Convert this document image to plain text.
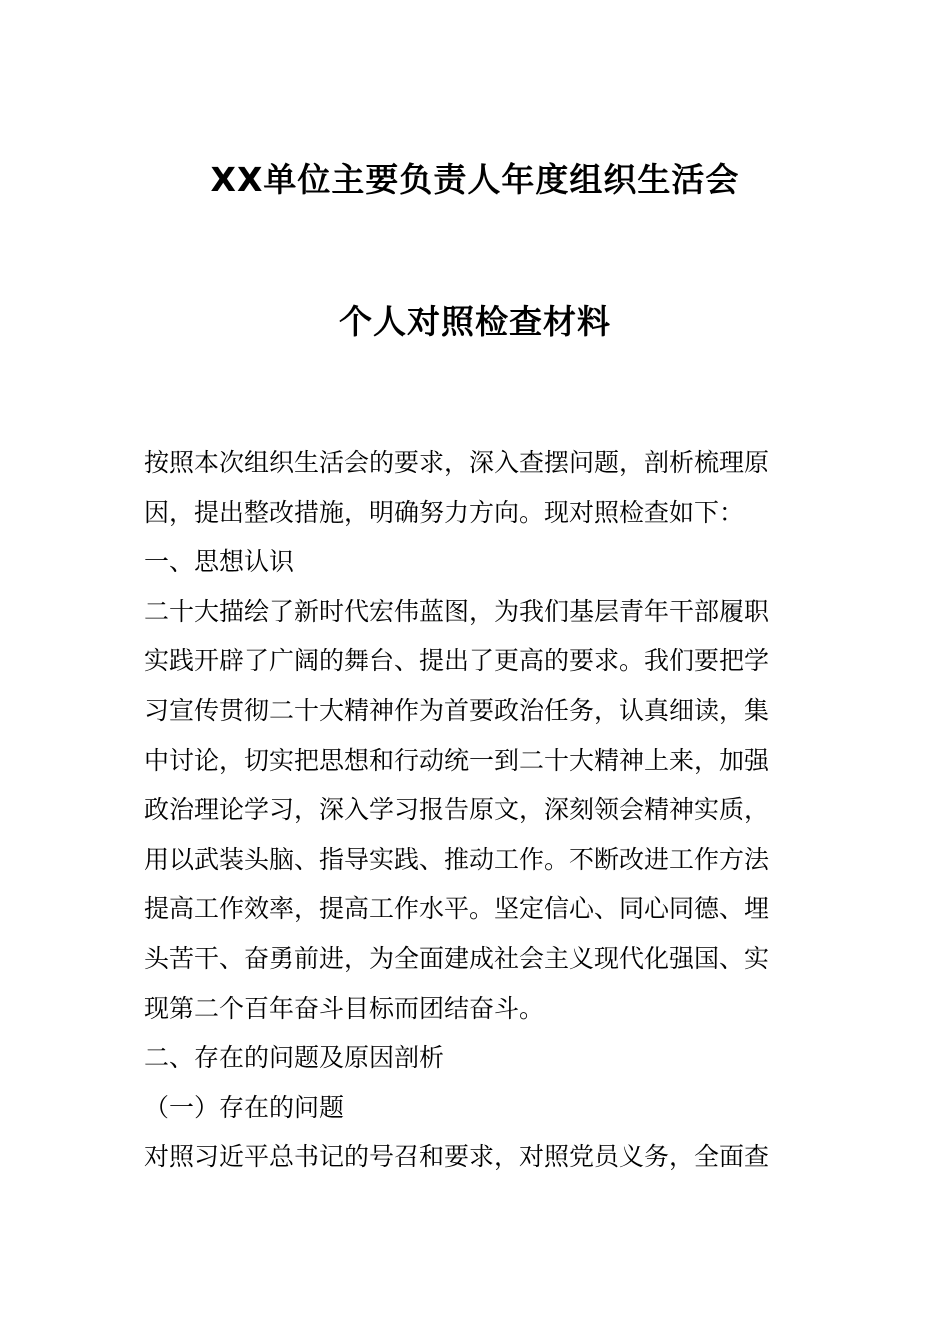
XX单位主要负责人年度组织生活会
个人对照检查材料
按照本次组织生活会的要求，深入查摆问题，剖析梳理原
因，提出整改措施，明确努力方向。现对照检查如下：
一、思想认识
二十大描绘了新时代宏伟蓝图，为我们基层青年干部履职
实践开辟了广阔的舞台、提出了更高的要求。我们要把学
习宣传贯彻二十大精神作为首要政治任务，认真细读，集
中讨论，切实把思想和行动统一到二十大精神上来，加强
政治理论学习，深入学习报告原文，深刻领会精神实质，
用以武装头脑、指导实践、推动工作。不断改进工作方法
提高工作效率，提高工作水平。坚定信心、同心同德、埋
头苦干、奋勇前进，为全面建成社会主义现代化强国、实
现第二个百年奋斗目标而团结奋斗。
二、存在的问题及原因剖析
（一）存在的问题
对照习近平总书记的号召和要求，对照党员义务，全面查
